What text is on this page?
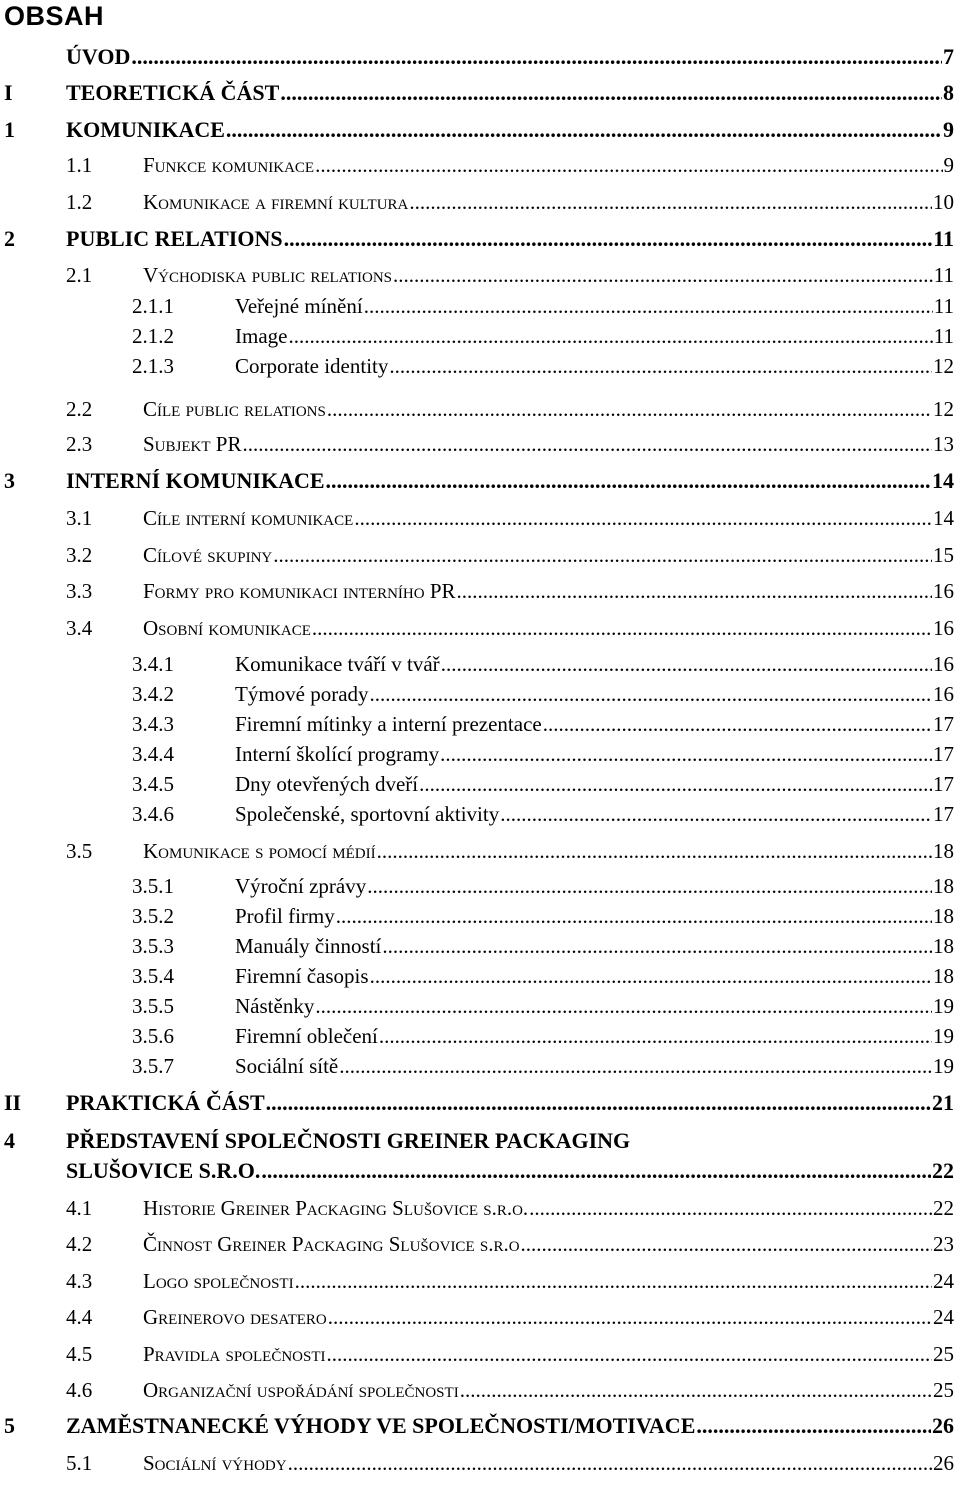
OBSAH
ÚVOD .....	7
I	TEORETICKÁ ČÁST .....	8
1	KOMUNIKACE .....	9
1.1	Funkce komunikace .....	9
1.2	Komunikace a firemní kultura .....	10
2	PUBLIC RELATIONS .....	11
2.1	Východiska public relations .....	11
2.1.1	Veřejné mínění .....	11
2.1.2	Image .....	11
2.1.3	Corporate identity .....	12
2.2	Cíle public relations .....	12
2.3	Subjekt PR .....	13
3	INTERNÍ KOMUNIKACE .....	14
3.1	Cíle interní komunikace .....	14
3.2	Cílové skupiny .....	15
3.3	Formy pro komunikaci interního PR .....	16
3.4	Osobní komunikace .....	16
3.4.1	Komunikace tváří v tvář .....	16
3.4.2	Týmové porady .....	16
3.4.3	Firemní mítinky a interní prezentace .....	17
3.4.4	Interní školící programy .....	17
3.4.5	Dny otevřených dveří .....	17
3.4.6	Společenské, sportovní aktivity .....	17
3.5	Komunikace s pomocí médií .....	18
3.5.1	Výroční zprávy .....	18
3.5.2	Profil firmy .....	18
3.5.3	Manuály činností .....	18
3.5.4	Firemní časopis .....	18
3.5.5	Nástěnky .....	19
3.5.6	Firemní oblečení .....	19
3.5.7	Sociální sítě .....	19
II	PRAKTICKÁ ČÁST .....	21
4 PŘEDSTAVENÍ SPOLEČNOSTI GREINER PACKAGING
SLUŠOVICE S.R.O. .....	22
4.1	Historie Greiner Packaging Slušovice s.r.o. .....	22
4.2	Činnost Greiner Packaging Slušovice s.r.o .....	23
4.3	Logo společnosti .....	24
4.4	Greinerovo desatero .....	24
4.5	Pravidla společnosti .....	25
4.6	Organizační uspořádání společnosti .....	25
5	ZAMĚSTNANECKÉ VÝHODY VE SPOLEČNOSTI/MOTIVACE .....	26
5.1	Sociální výhody .....	26
